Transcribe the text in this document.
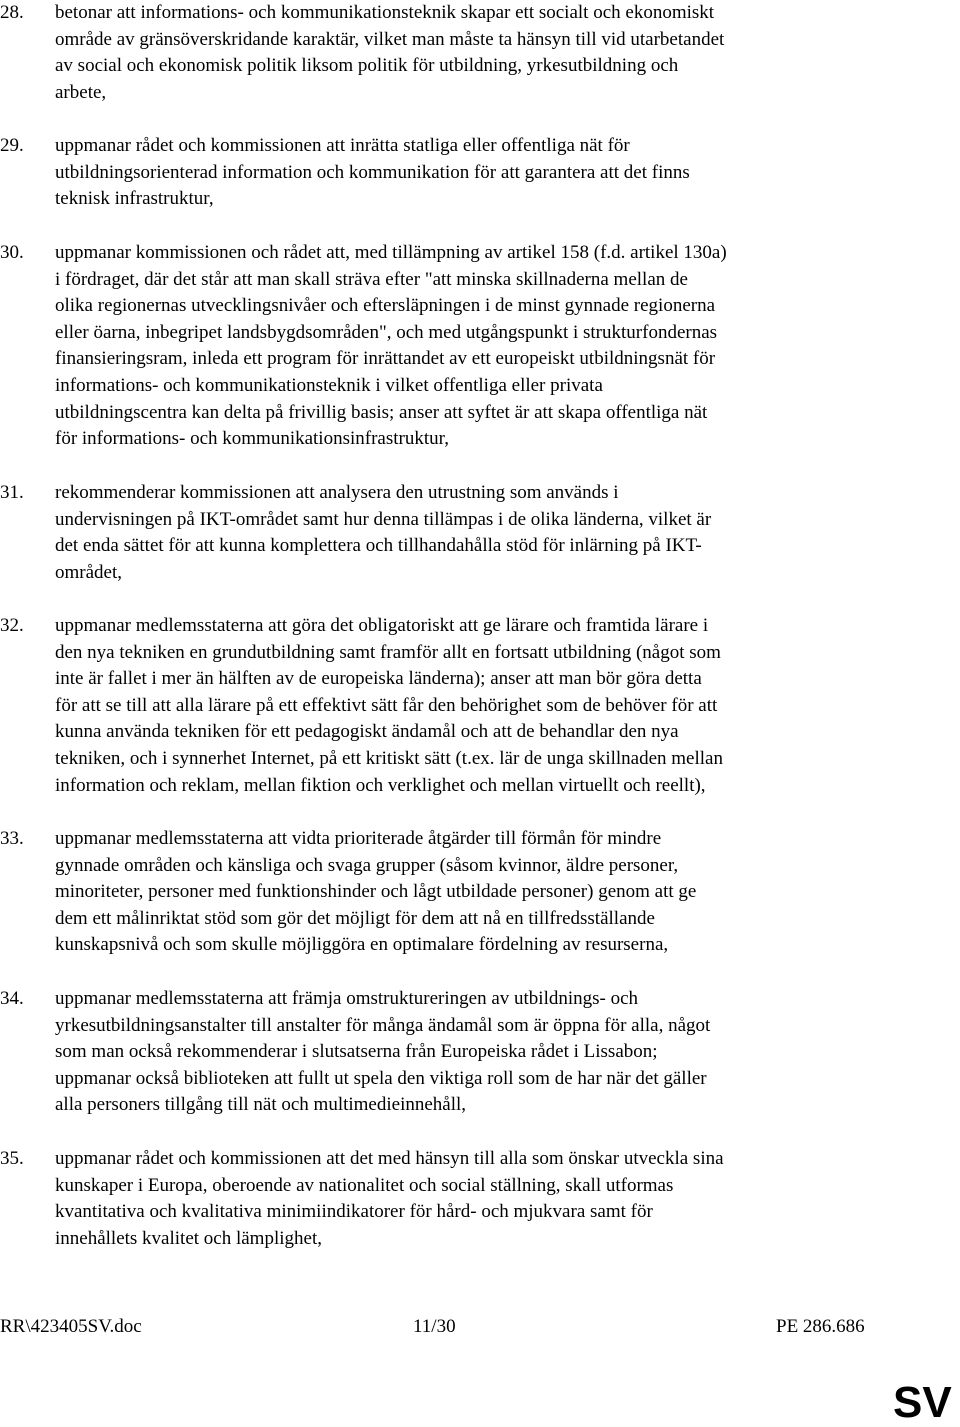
28. betonar att informations- och kommunikationsteknik skapar ett socialt och ekonomiskt
område av gränsöverskridande karaktär, vilket man måste ta hänsyn till vid utarbetandet
av social och ekonomisk politik liksom politik för utbildning, yrkesutbildning och
arbete,
29. uppmanar rådet och kommissionen att inrätta statliga eller offentliga nät för
utbildningsorienterad information och kommunikation för att garantera att det finns
teknisk infrastruktur,
30. uppmanar kommissionen och rådet att, med tillämpning av artikel 158 (f.d. artikel 130a)
i fördraget, där det står att man skall sträva efter "att minska skillnaderna mellan de
olika regionernas utvecklingsnivåer och eftersläpningen i de minst gynnade regionerna
eller öarna, inbegripet landsbygdsområden", och med utgångspunkt i strukturfondernas
finansieringsram, inleda ett program för inrättandet av ett europeiskt utbildningsnät för
informations- och kommunikationsteknik i vilket offentliga eller privata
utbildningscentra kan delta på frivillig basis; anser att syftet är att skapa offentliga nät
för informations- och kommunikationsinfrastruktur,
31. rekommenderar kommissionen att analysera den utrustning som används i
undervisningen på IKT-området samt hur denna tillämpas i de olika länderna, vilket är
det enda sättet för att kunna komplettera och tillhandahålla stöd för inlärning på IKT-
området,
32. uppmanar medlemsstaterna att göra det obligatoriskt att ge lärare och framtida lärare i
den nya tekniken en grundutbildning samt framför allt en fortsatt utbildning (något som
inte är fallet i mer än hälften av de europeiska länderna); anser att man bör göra detta
för att se till att alla lärare på ett effektivt sätt får den behörighet som de behöver för att
kunna använda tekniken för ett pedagogiskt ändamål och att de behandlar den nya
tekniken, och i synnerhet Internet, på ett kritiskt sätt (t.ex. lär de unga skillnaden mellan
information och reklam, mellan fiktion och verklighet och mellan virtuellt och reellt),
33. uppmanar medlemsstaterna att vidta prioriterade åtgärder till förmån för mindre
gynnade områden och känsliga och svaga grupper (såsom kvinnor, äldre personer,
minoriteter, personer med funktionshinder och lågt utbildade personer) genom att ge
dem ett målinriktat stöd som gör det möjligt för dem att nå en tillfredsställande
kunskapsnivå och som skulle möjliggöra en optimalare fördelning av resurserna,
34. uppmanar medlemsstaterna att främja omstruktureringen av utbildnings- och
yrkesutbildningsanstalter till anstalter för många ändamål som är öppna för alla, något
som man också rekommenderar i slutsatserna från Europeiska rådet i Lissabon;
uppmanar också biblioteken att fullt ut spela den viktiga roll som de har när det gäller
alla personers tillgång till nät och multimedieinnehåll,
35. uppmanar rådet och kommissionen att det med hänsyn till alla som önskar utveckla sina
kunskaper i Europa, oberoende av nationalitet och social ställning, skall utformas
kvantitativa och kvalitativa minimiindikatorer för hård- och mjukvara samt för
innehållets kvalitet och lämplighet,
RR\423405SV.doc	11/30	PE 286.686
SV
